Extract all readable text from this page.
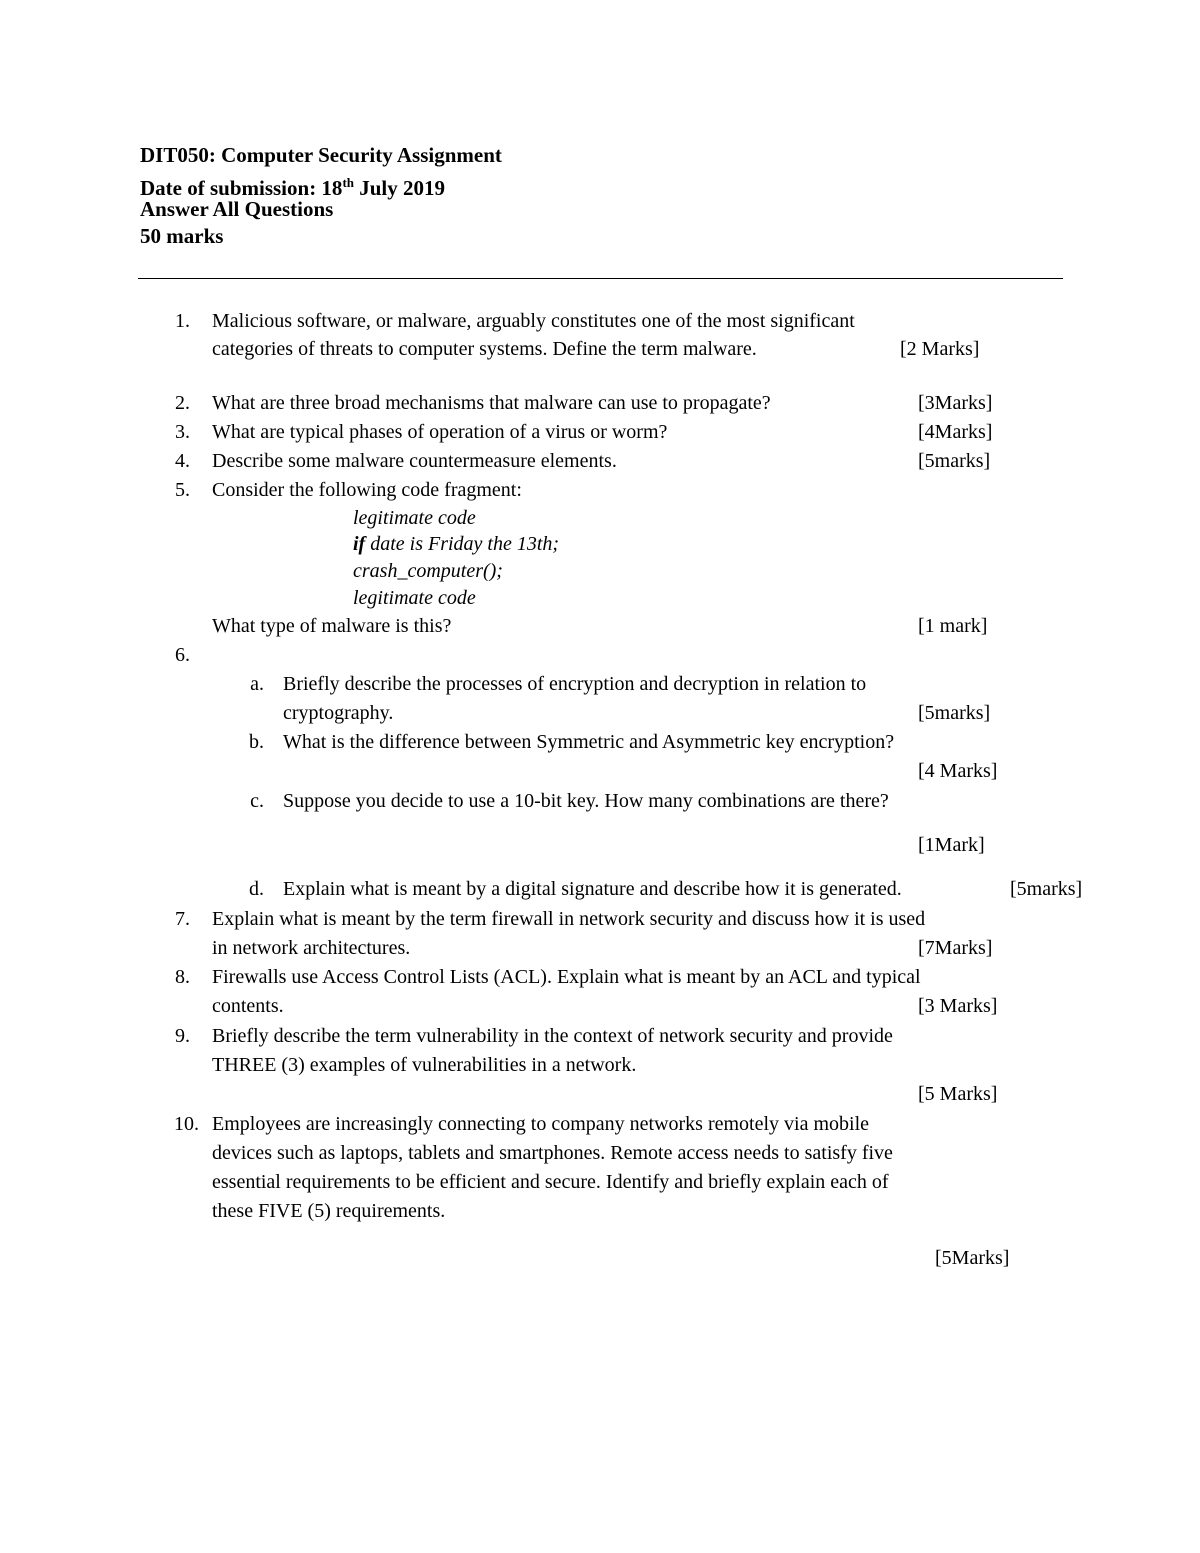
DIT050: Computer Security Assignment
Date of submission: 18th July 2019
Answer All Questions
50 marks
1. Malicious software, or malware, arguably constitutes one of the most significant
categories of threats to computer systems. Define the term malware.	[2 Marks]
2. What are three broad mechanisms that malware can use to propagate?	[3Marks]
3. What are typical phases of operation of a virus or worm?	[4Marks]
4. Describe some malware countermeasure elements.	[5marks]
5. Consider the following code fragment:
legitimate code
if date is Friday the 13th;
crash_computer();
legitimate code
What type of malware is this?	[1 mark]
6.
a. Briefly describe the processes of encryption and decryption in relation to
cryptography.	[5marks]
b. What is the difference between Symmetric and Asymmetric key encryption?
[4 Marks]
c. Suppose you decide to use a 10-bit key. How many combinations are there?
[1Mark]
d. Explain what is meant by a digital signature and describe how it is generated.	[5marks]
7. Explain what is meant by the term firewall in network security and discuss how it is used
in network architectures.	[7Marks]
8. Firewalls use Access Control Lists (ACL). Explain what is meant by an ACL and typical
contents.	[3 Marks]
9. Briefly describe the term vulnerability in the context of network security and provide
THREE (3) examples of vulnerabilities in a network.
[5 Marks]
10. Employees are increasingly connecting to company networks remotely via mobile
devices such as laptops, tablets and smartphones. Remote access needs to satisfy five
essential requirements to be efficient and secure. Identify and briefly explain each of
these FIVE (5) requirements.
[5Marks]
